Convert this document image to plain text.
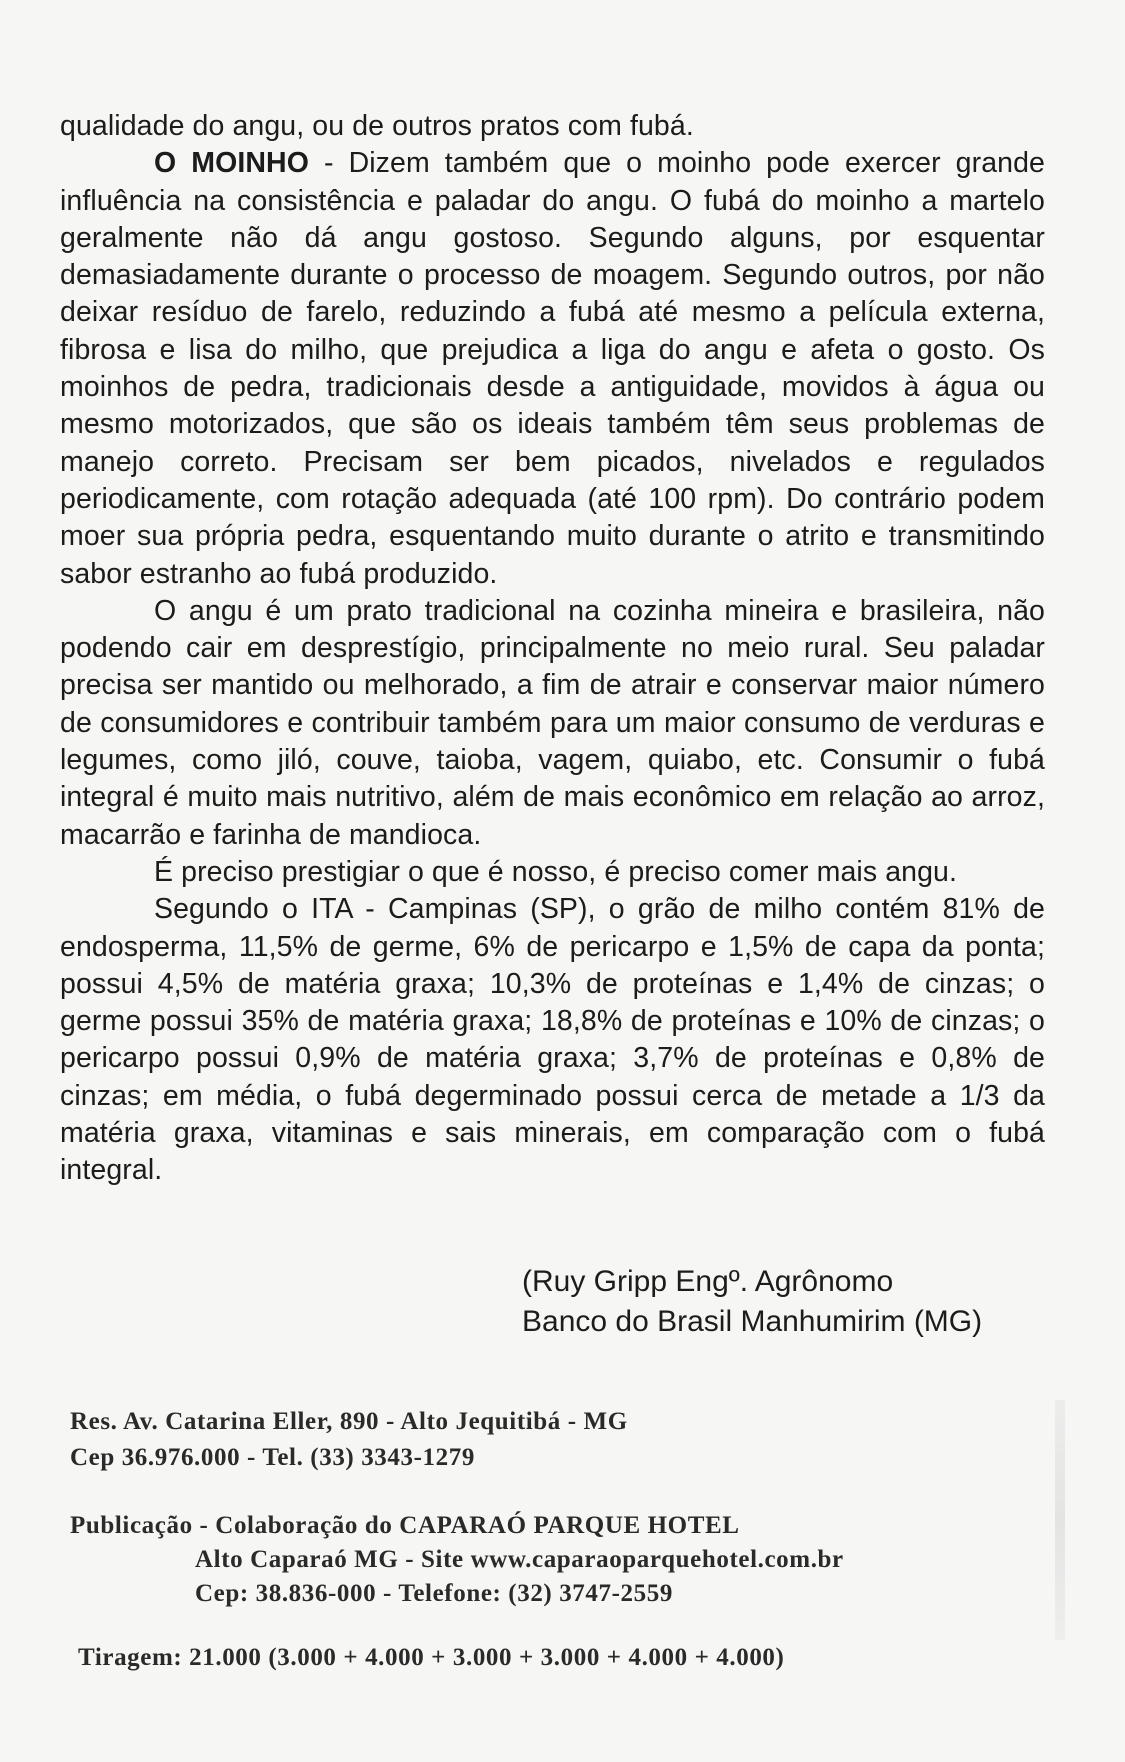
qualidade do angu, ou de outros pratos com fubá.

O MOINHO - Dizem também que o moinho pode exercer grande influência na consistência e paladar do angu. O fubá do moinho a martelo geralmente não dá angu gostoso. Segundo alguns, por esquentar demasiadamente durante o processo de moagem. Segundo outros, por não deixar resíduo de farelo, reduzindo a fubá até mesmo a película externa, fibrosa e lisa do milho, que prejudica a liga do angu e afeta o gosto. Os moinhos de pedra, tradicionais desde a antiguidade, movidos à água ou mesmo motorizados, que são os ideais também têm seus problemas de manejo correto. Precisam ser bem picados, nivelados e regulados periodicamente, com rotação adequada (até 100 rpm). Do contrário podem moer sua própria pedra, esquentando muito durante o atrito e transmitindo sabor estranho ao fubá produzido.

O angu é um prato tradicional na cozinha mineira e brasileira, não podendo cair em desprestígio, principalmente no meio rural. Seu paladar precisa ser mantido ou melhorado, a fim de atrair e conservar maior número de consumidores e contribuir também para um maior consumo de verduras e legumes, como jiló, couve, taioba, vagem, quiabo, etc. Consumir o fubá integral é muito mais nutritivo, além de mais econômico em relação ao arroz, macarrão e farinha de mandioca.

É preciso prestigiar o que é nosso, é preciso comer mais angu.

Segundo o ITA - Campinas (SP), o grão de milho contém 81% de endosperma, 11,5% de germe, 6% de pericarpo e 1,5% de capa da ponta; possui 4,5% de matéria graxa; 10,3% de proteínas e 1,4% de cinzas; o germe possui 35% de matéria graxa; 18,8% de proteínas e 10% de cinzas; o pericarpo possui 0,9% de matéria graxa; 3,7% de proteínas e 0,8% de cinzas; em média, o fubá degerminado possui cerca de metade a 1/3 da matéria graxa, vitaminas e sais minerais, em comparação com o fubá integral.

(Ruy Gripp Engº. Agrônomo
Banco do Brasil Manhumirim (MG)
Res. Av. Catarina Eller, 890 - Alto Jequitibá - MG
Cep 36.976.000 - Tel. (33) 3343-1279
Publicação - Colaboração do CAPARAÓ PARQUE HOTEL
Alto Caparaó MG - Site www.caparaoparquehotel.com.br
Cep: 38.836-000 - Telefone: (32) 3747-2559
Tiragem: 21.000 (3.000 + 4.000 + 3.000 + 3.000 + 4.000 + 4.000)
